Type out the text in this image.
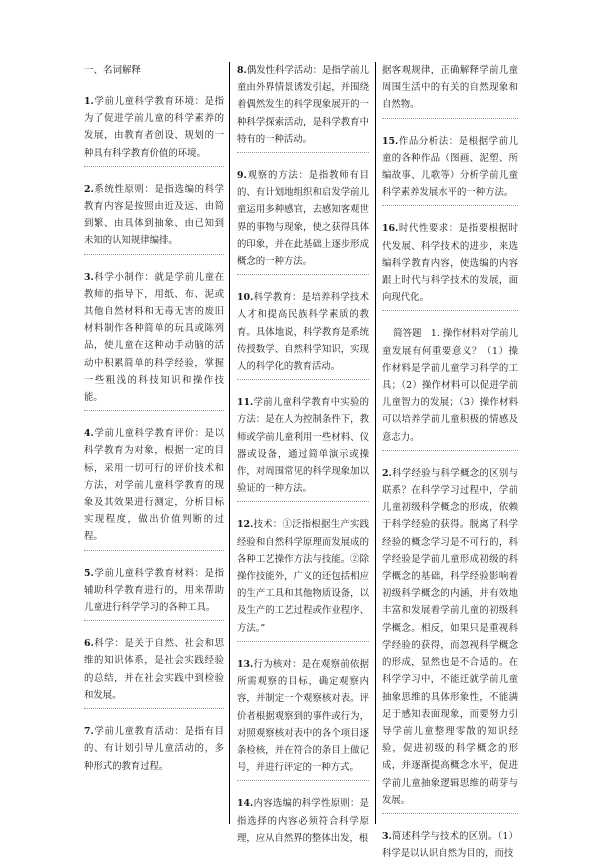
一、名词解释
1.学前儿童科学教育环境：是指为了促进学前儿童的科学素养的发展，由教育者创设、规划的一种具有科学教育价值的环境。
2.系统性原则：是指选编的科学教育内容是按照由近及远、由简到繁、由具体到抽象、由已知到未知的认知规律编排。
3.科学小制作：就是学前儿童在教师的指导下，用纸、布、泥或其他自然材料和无毒无害的废旧材料制作各种简单的玩具或陈列品，使儿童在这种动手动脑的活动中积累简单的科学经验，掌握一些粗浅的科技知识和操作技能。
4.学前儿童科学教育评价：是以科学教育为对象，根据一定的目标，采用一切可行的评价技术和方法，对学前儿童科学教育的现象及其效果进行测定，分析目标实现程度，做出价值判断的过程。
5.学前儿童科学教育材料：是指辅助科学教育进行的，用来帮助儿童进行科学学习的各种工具。
6.科学：是关于自然、社会和思维的知识体系，是社会实践经验的总结，并在社会实践中到检验和发展。
7.学前儿童教育活动：是指有目的、有计划引导儿童活动的，多种形式的教育过程。
8.偶发性科学活动：是指学前儿童由外界情景诱发引起，并围绕着偶然发生的科学现象展开的一种科学探索活动，是科学教育中特有的一种活动。
9.观察的方法：是指教师有目的、有计划地组织和启发学前儿童运用多种感官，去感知客观世界的事物与现象，使之获得具体的印象，并在此基础上逐步形成概念的一种方法。
10.科学教育：是培养科学技术人才和提高民族科学素质的教育。具体地说，科学教育是系统传授数学、自然科学知识，实现人的科学化的教育活动。
11.学前儿童科学教育中实验的方法：是在人为控制条件下，教师或学前儿童利用一些材料、仪器或设备，通过简单演示或操作，对周围常见的科学现象加以验证的一种方法。
12.技术：①泛指根据生产实践经验和自然科学原理而发展成的各种工艺操作方法与技能。②除操作技能外，广义的还包括相应的生产工具和其他物质设备，以及生产的工艺过程或作业程序、方法。”
13.行为核对：是在观察前依据所需观察的目标，确定观察内容，并制定一个观察核对表。评价者根据观察到的事件或行为，对照观察核对表中的各个项目逐条检核，并在符合的条目上做记号，并进行评定的一种方式。
14.内容选编的科学性原则：是指选择的内容必须符合科学原理，应从自然界的整体出发，根
据客观规律，正确解释学前儿童周围生活中的有关的自然现象和自然物。
15.作品分析法：是根据学前儿童的各种作品（图画、泥塑、所编故事、儿歌等）分析学前儿童科学素养发展水平的一种方法。
16.时代性要求：是指要根据时代发展、科学技术的进步，来选编科学教育内容，使选编的内容跟上时代与科学技术的发展，面向现代化。
简答题　1. 操作材料对学前儿童发展有何重要意义？（1）操作材料是学前儿童学习科学的工具；（2）操作材料可以促进学前儿童智力的发展；（3）操作材料可以培养学前儿童积极的情感及意志力。
2.科学经验与科学概念的区别与联系？在科学学习过程中，学前儿童初级科学概念的形成，依赖于科学经验的获得。脱离了科学经验的概念学习是不可行的，科学经验是学前儿童形成初级的科学概念的基础，科学经验影响着初级科学概念的内涵，并有效地丰富和发展着学前儿童的初级科学概念。相反，如果只是重视科学经验的获得，而忽视科学概念的形成，显然也是不合适的。在科学学习中，不能迁就学前儿童抽象思维的具体形象性，不能满足于感知表面现象，而要努力引导学前儿童整理零散的知识经验，促进初级的科学概念的形成，并逐渐提高概念水平，促进学前儿童抽象逻辑思维的萌芽与发展。
3.简述科学与技术的区别。（1）科学是以认识自然为目的，而技
